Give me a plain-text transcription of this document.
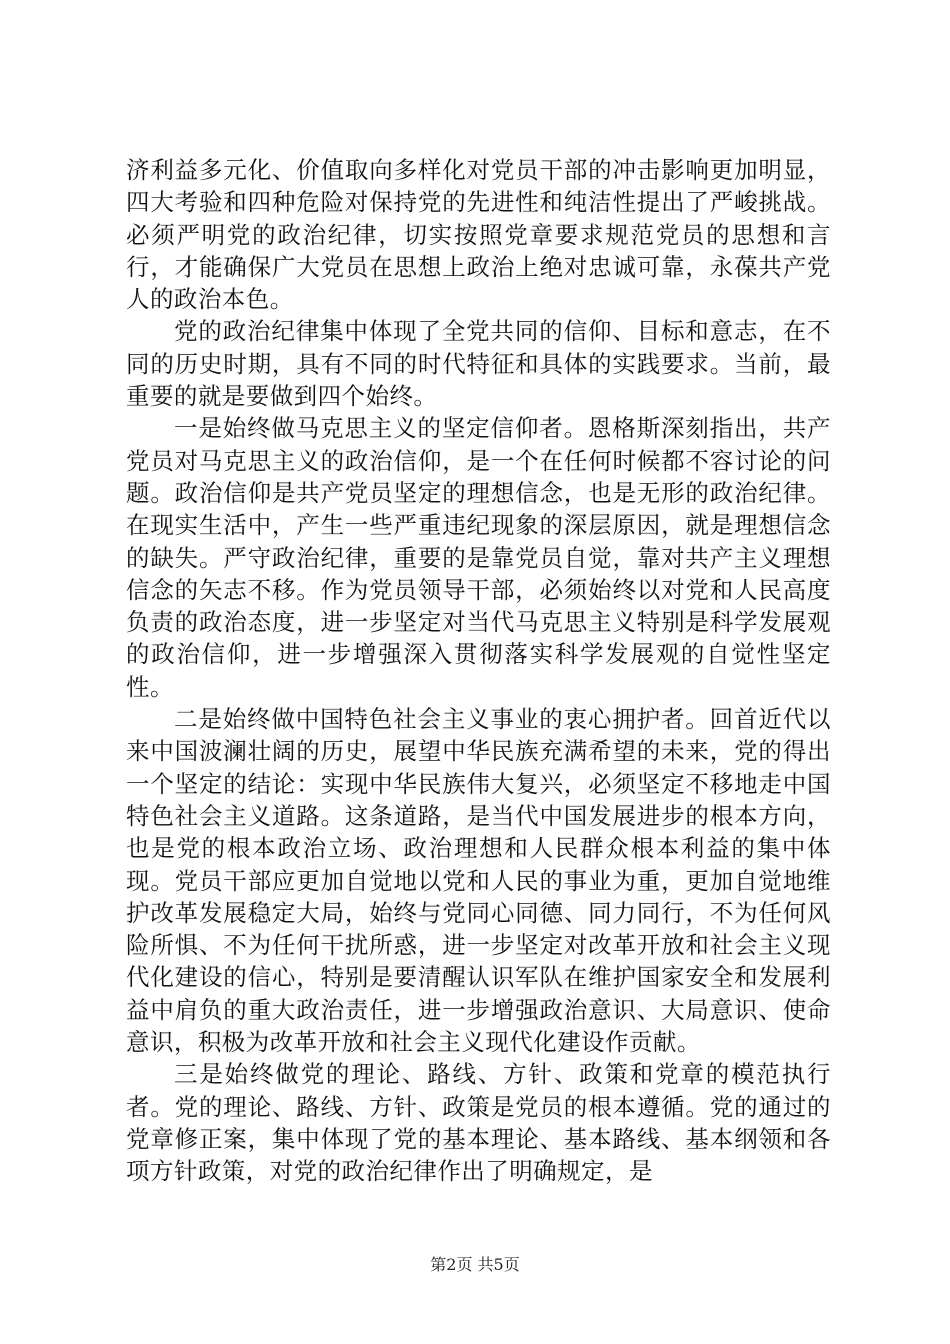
济利益多元化、价值取向多样化对党员干部的冲击影响更加明显，四大考验和四种危险对保持党的先进性和纯洁性提出了严峻挑战。必须严明党的政治纪律，切实按照党章要求规范党员的思想和言行，才能确保广大党员在思想上政治上绝对忠诚可靠，永葆共产党人的政治本色。

党的政治纪律集中体现了全党共同的信仰、目标和意志，在不同的历史时期，具有不同的时代特征和具体的实践要求。当前，最重要的就是要做到四个始终。

一是始终做马克思主义的坚定信仰者。恩格斯深刻指出，共产党员对马克思主义的政治信仰，是一个在任何时候都不容讨论的问题。政治信仰是共产党员坚定的理想信念，也是无形的政治纪律。在现实生活中，产生一些严重违纪现象的深层原因，就是理想信念的缺失。严守政治纪律，重要的是靠党员自觉，靠对共产主义理想信念的矢志不移。作为党员领导干部，必须始终以对党和人民高度负责的政治态度，进一步坚定对当代马克思主义特别是科学发展观的政治信仰，进一步增强深入贯彻落实科学发展观的自觉性坚定性。

二是始终做中国特色社会主义事业的衷心拥护者。回首近代以来中国波澜壮阔的历史，展望中华民族充满希望的未来，党的得出一个坚定的结论：实现中华民族伟大复兴，必须坚定不移地走中国特色社会主义道路。这条道路，是当代中国发展进步的根本方向，也是党的根本政治立场、政治理想和人民群众根本利益的集中体现。党员干部应更加自觉地以党和人民的事业为重，更加自觉地维护改革发展稳定大局，始终与党同心同德、同力同行，不为任何风险所惧、不为任何干扰所惑，进一步坚定对改革开放和社会主义现代化建设的信心，特别是要清醒认识军队在维护国家安全和发展利益中肩负的重大政治责任，进一步增强政治意识、大局意识、使命意识，积极为改革开放和社会主义现代化建设作贡献。

三是始终做党的理论、路线、方针、政策和党章的模范执行者。党的理论、路线、方针、政策是党员的根本遵循。党的通过的党章修正案，集中体现了党的基本理论、基本路线、基本纲领和各项方针政策，对党的政治纪律作出了明确规定，是

第2页 共5页
